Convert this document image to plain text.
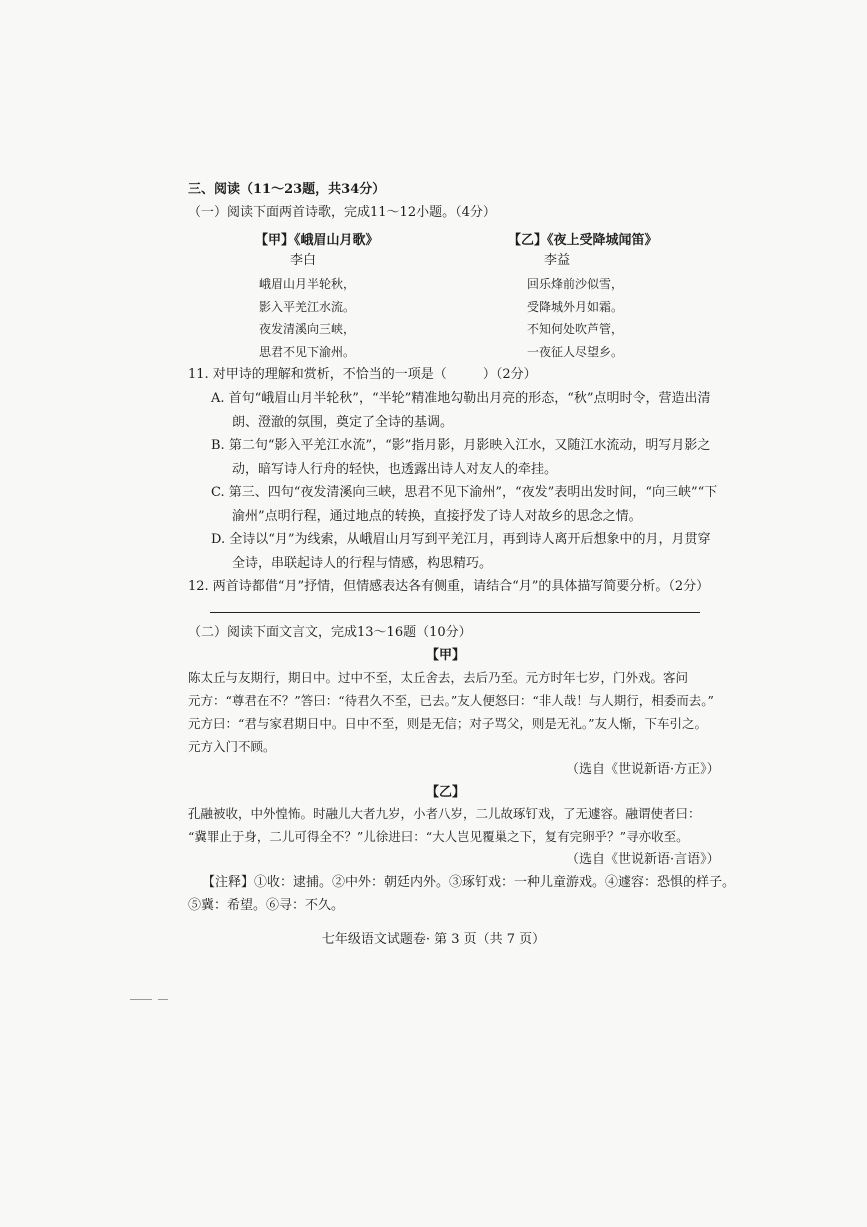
三、阅读（11～23题，共34分）
（一）阅读下面两首诗歌，完成11～12小题。（4分）
【甲】《峨眉山月歌》
李白
峨眉山月半轮秋，
影入平羌江水流。
夜发清溪向三峡，
思君不见下渝州。
【乙】《夜上受降城闻笛》
李益
回乐烽前沙似雪，
受降城外月如霜。
不知何处吹芦管，
一夜征人尽望乡。
11. 对甲诗的理解和赏析，不恰当的一项是（	）（2分）
A. 首句“峨眉山月半轮秋”，“半轮”精准地勾勒出月亮的形态，“秋”点明时令，营造出清
朗、澄澈的氛围，奠定了全诗的基调。
B. 第二句“影入平羌江水流”，“影”指月影，月影映入江水，又随江水流动，明写月影之
动，暗写诗人行舟的轻快，也透露出诗人对友人的牵挂。
C. 第三、四句“夜发清溪向三峡，思君不见下渝州”，“夜发”表明出发时间，“向三峡”“下
渝州”点明行程，通过地点的转换，直接抒发了诗人对故乡的思念之情。
D. 全诗以“月”为线索，从峨眉山月写到平羌江月，再到诗人离开后想象中的月，月贯穿
全诗，串联起诗人的行程与情感，构思精巧。
12. 两首诗都借“月”抒情，但情感表达各有侧重，请结合“月”的具体描写简要分析。（2分）
（二）阅读下面文言文，完成13～16题（10分）
【甲】
陈太丘与友期行，期日中。过中不至，太丘舍去，去后乃至。元方时年七岁，门外戏。客问
元方：“尊君在不？”答曰：“待君久不至，已去。”友人便怒曰：“非人哉！与人期行，相委而去。”
元方曰：“君与家君期日中。日中不至，则是无信；对子骂父，则是无礼。”友人惭，下车引之。
元方入门不顾。
（选自《世说新语·方正》）
【乙】
孔融被收，中外惶怖。时融儿大者九岁，小者八岁，二儿故琢钉戏，了无遽容。融谓使者曰：
“冀罪止于身，二儿可得全不？”儿徐进曰：“大人岂见覆巢之下，复有完卵乎？”寻亦收至。
（选自《世说新语·言语》）
【注释】①收：逮捕。②中外：朝廷内外。③琢钉戏：一种儿童游戏。④遽容：恐惧的样子。
⑤冀：希望。⑥寻：不久。
七年级语文试题卷· 第 3 页（共 7 页）
